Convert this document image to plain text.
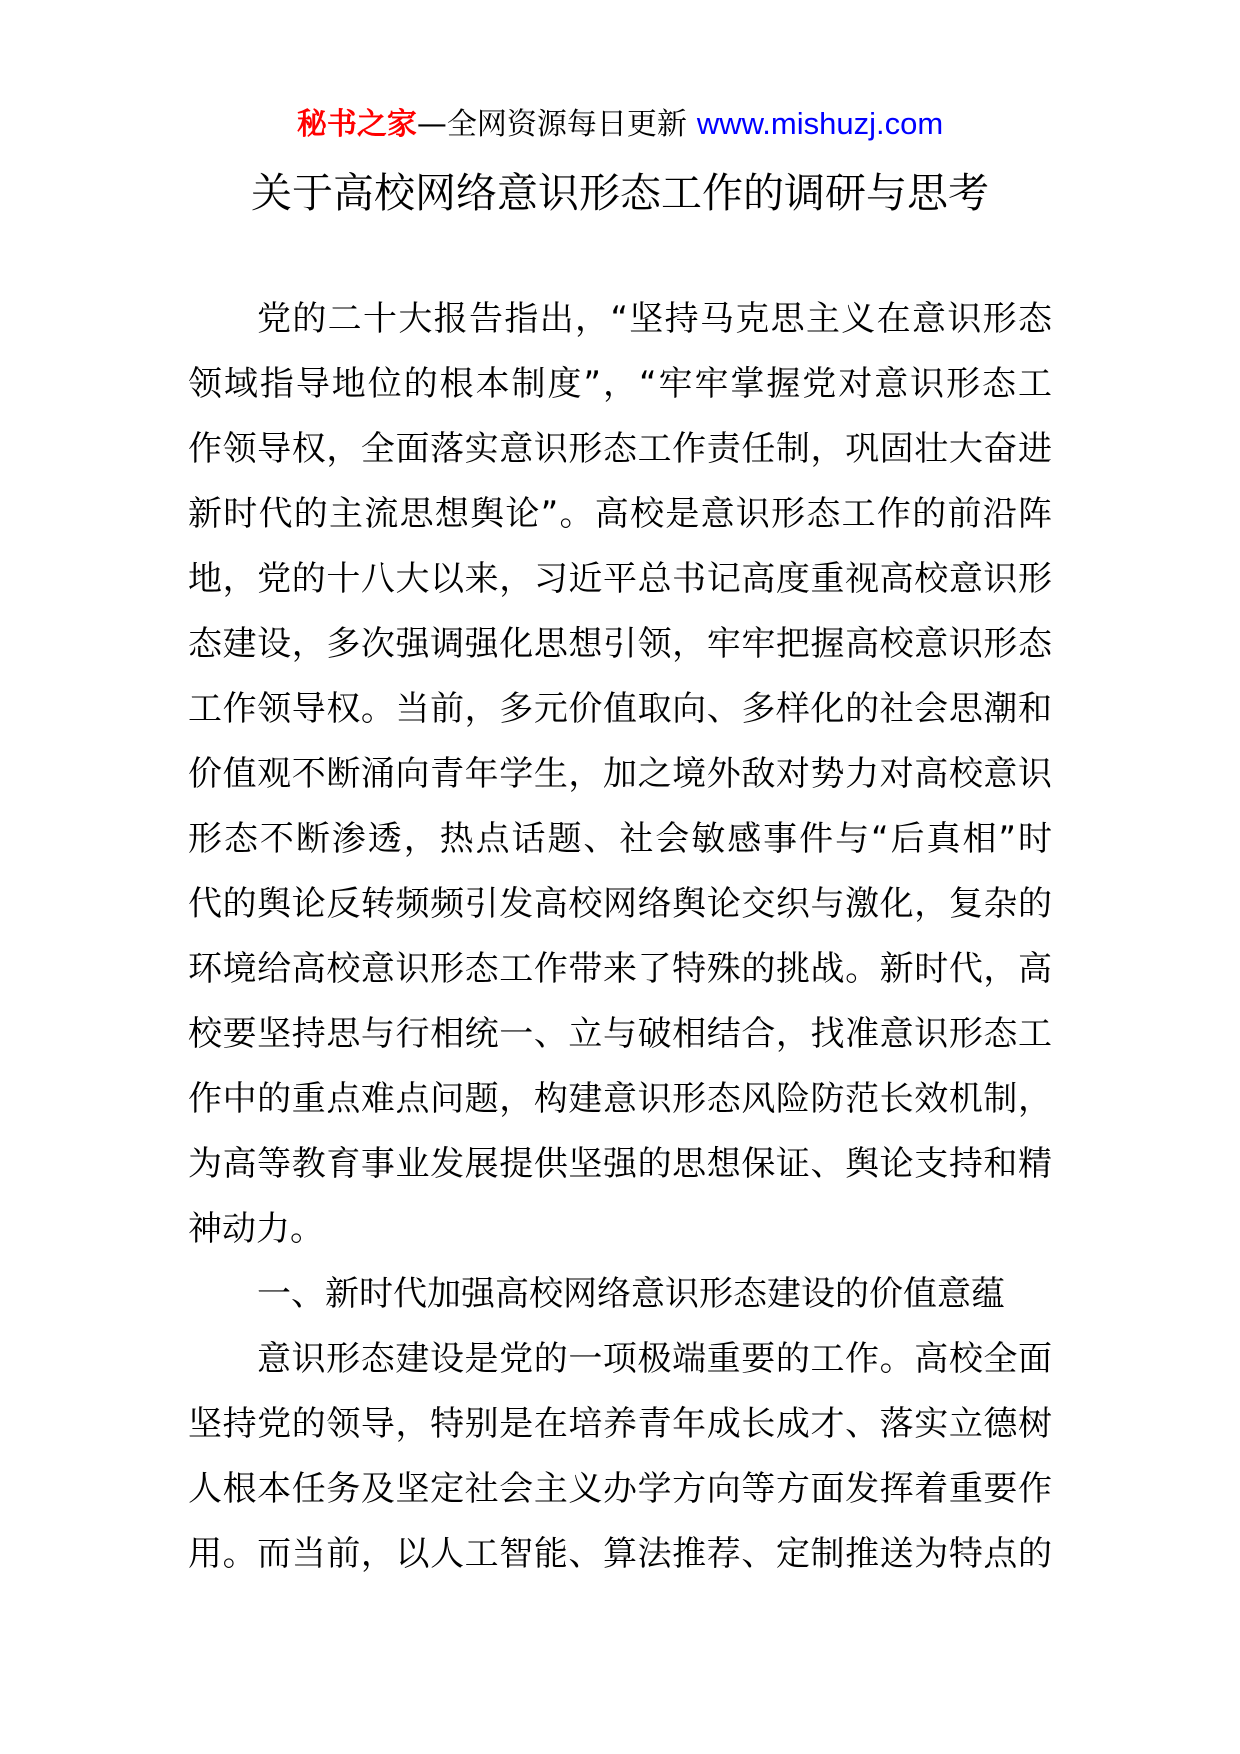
秘书之家—全网资源每日更新 www.mishuzj.com
关于高校网络意识形态工作的调研与思考
党的二十大报告指出，“坚持马克思主义在意识形态
领域指导地位的根本制度”，“牢牢掌握党对意识形态工
作领导权，全面落实意识形态工作责任制，巩固壮大奋进
新时代的主流思想舆论”。高校是意识形态工作的前沿阵
地，党的十八大以来，习近平总书记高度重视高校意识形
态建设，多次强调强化思想引领，牢牢把握高校意识形态
工作领导权。当前，多元价值取向、多样化的社会思潮和
价值观不断涌向青年学生，加之境外敌对势力对高校意识
形态不断渗透，热点话题、社会敏感事件与“后真相”时
代的舆论反转频频引发高校网络舆论交织与激化，复杂的
环境给高校意识形态工作带来了特殊的挑战。新时代，高
校要坚持思与行相统一、立与破相结合，找准意识形态工
作中的重点难点问题，构建意识形态风险防范长效机制，
为高等教育事业发展提供坚强的思想保证、舆论支持和精
神动力。
一、新时代加强高校网络意识形态建设的价值意蕴
意识形态建设是党的一项极端重要的工作。高校全面
坚持党的领导，特别是在培养青年成长成才、落实立德树
人根本任务及坚定社会主义办学方向等方面发挥着重要作
用。而当前，以人工智能、算法推荐、定制推送为特点的
